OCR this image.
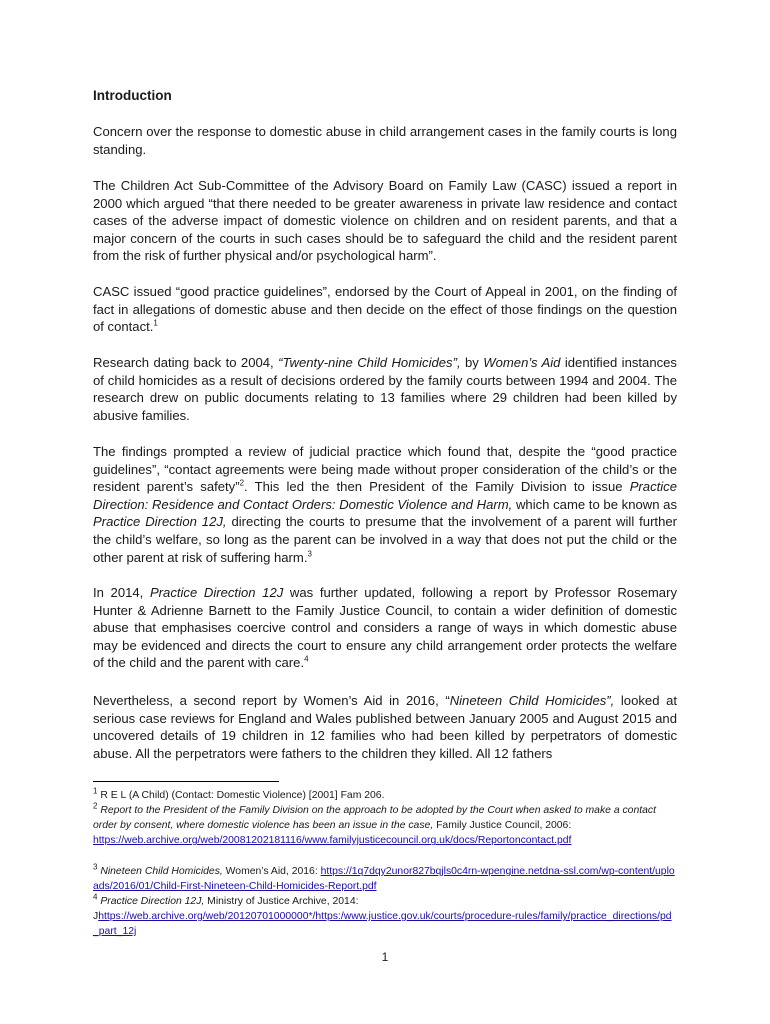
Introduction

Concern over the response to domestic abuse in child arrangement cases in the family courts is long standing.

The Children Act Sub-Committee of the Advisory Board on Family Law (CASC) issued a report in 2000 which argued “that there needed to be greater awareness in private law residence and contact cases of the adverse impact of domestic violence on children and on resident parents, and that a major concern of the courts in such cases should be to safeguard the child and the resident parent from the risk of further physical and/or psychological harm”.

CASC issued “good practice guidelines”, endorsed by the Court of Appeal in 2001, on the finding of fact in allegations of domestic abuse and then decide on the effect of those findings on the question of contact.$^1$

Research dating back to 2004, “Twenty-nine Child Homicides”, by Women’s Aid identified instances of child homicides as a result of decisions ordered by the family courts between 1994 and 2004. The research drew on public documents relating to 13 families where 29 children had been killed by abusive families.

The findings prompted a review of judicial practice which found that, despite the “good practice guidelines”, “contact agreements were being made without proper consideration of the child’s or the resident parent’s safety”$^2$. This led the then President of the Family Division to issue Practice Direction: Residence and Contact Orders: Domestic Violence and Harm, which came to be known as Practice Direction 12J, directing the courts to presume that the involvement of a parent will further the child’s welfare, so long as the parent can be involved in a way that does not put the child or the other parent at risk of suffering harm.$^3$

In 2014, Practice Direction 12J was further updated, following a report by Professor Rosemary Hunter & Adrienne Barnett to the Family Justice Council, to contain a wider definition of domestic abuse that emphasises coercive control and considers a range of ways in which domestic abuse may be evidenced and directs the court to ensure any child arrangement order protects the welfare of the child and the parent with care.$^4$

Nevertheless, a second report by Women’s Aid in 2016, “Nineteen Child Homicides”, looked at serious case reviews for England and Wales published between January 2005 and August 2015 and uncovered details of 19 children in 12 families who had been killed by perpetrators of domestic abuse. All the perpetrators were fathers to the children they killed. All 12 fathers

$^1$ R E L (A Child) (Contact: Domestic Violence) [2001] Fam 206.

$^2$ Report to the President of the Family Division on the approach to be adopted by the Court when asked to make a contact order by consent, where domestic violence has been an issue in the case, Family Justice Council, 2006:
https://web.archive.org/web/20081202181116/www.familyjusticecouncil.org.uk/docs/Reportoncontact.pdf

$^3$ Nineteen Child Homicides, Women’s Aid, 2016: https://1q7dqy2unor827bqjls0c4rn-wpengine.netdna-ssl.com/wp-content/uploads/2016/01/Child-First-Nineteen-Child-Homicides-Report.pdf

$^4$ Practice Direction 12J, Ministry of Justice Archive, 2014:
Jhttps://web.archive.org/web/20120701000000*/https:/www.justice.gov.uk/courts/procedure-rules/family/practice_directions/pd_part_12j

1
